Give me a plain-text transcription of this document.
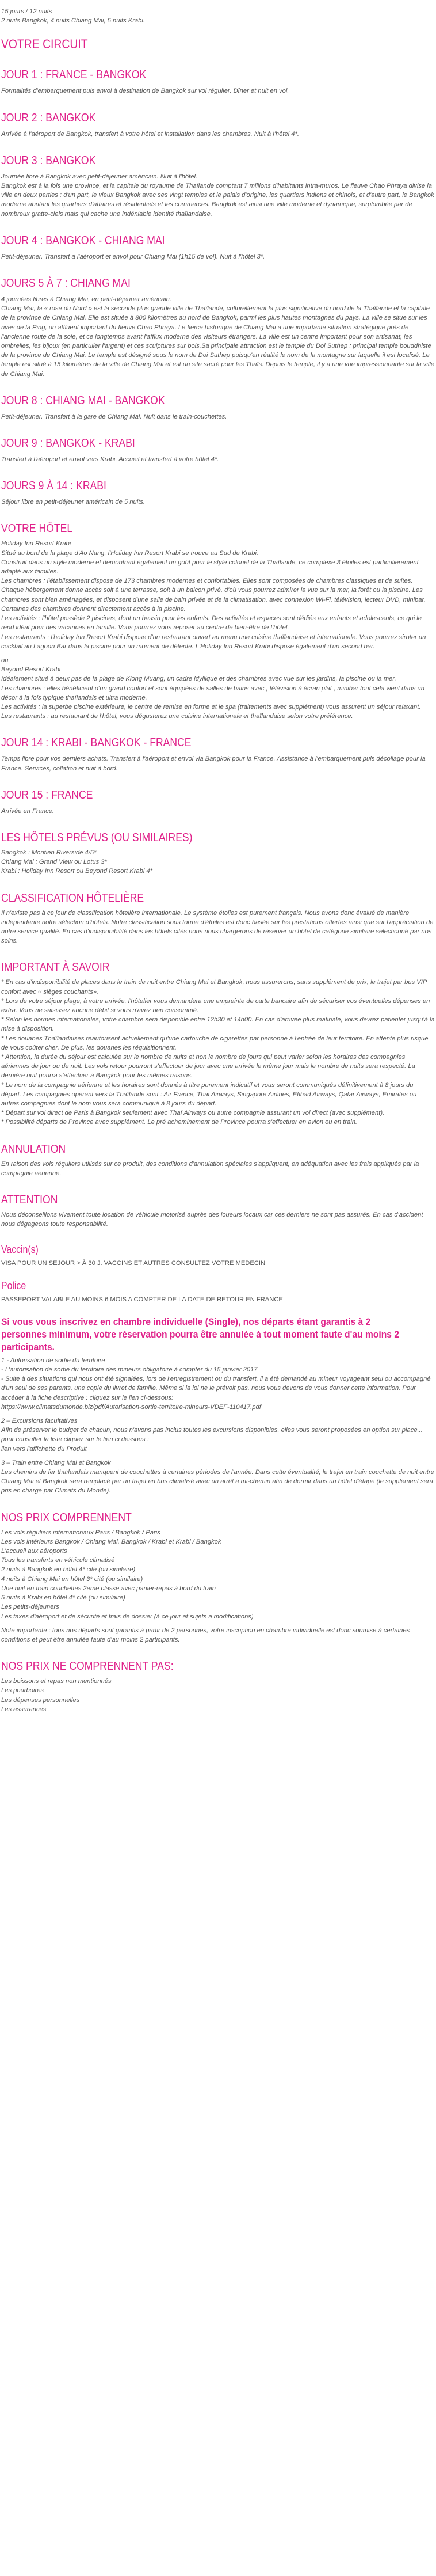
15 jours / 12 nuits

2 nuits Bangkok, 4 nuits Chiang Mai, 5 nuits Krabi.

VOTRE CIRCUIT
JOUR 1 : FRANCE - BANGKOK

Formalités d'embarquement puis envol à destination de Bangkok sur vol régulier. Dîner et nuit en vol.

JOUR 2 : BANGKOK

Arrivée à l'aéroport de Bangkok, transfert à votre hôtel et installation dans les chambres. Nuit à l'hôtel 4*.

JOUR 3 : BANGKOK

Journée libre à Bangkok avec petit-déjeuner américain. Nuit à l'hôtel.

Bangkok est à la fois une province, et la capitale du royaume de Thaïlande comptant 7 millions d'habitants intra-muros. Le fleuve Chao Phraya divise la ville en deux parties : d'un part, le vieux Bangkok avec ses vingt temples et le palais d'origine, les quartiers indiens et chinois, et d'autre part, le Bangkok moderne abritant les quartiers d'affaires et résidentiels et les commerces. Bangkok est ainsi une ville moderne et dynamique, surplombée par de nombreux gratte-ciels mais qui cache une indéniable identité thaïlandaise.

JOUR 4 : BANGKOK - CHIANG MAI

Petit-déjeuner. Transfert à l'aéroport et envol pour Chiang Mai (1h15 de vol). Nuit à l'hôtel 3*.

JOURS 5 À 7 : CHIANG MAI

4 journées libres à Chiang Mai, en petit-déjeuner américain.

Chiang Mai, la « rose du Nord » est la seconde plus grande ville de Thaïlande, culturellement la plus significative du nord de la Thaïlande et la capitale de la province de Chiang Mai. Elle est située à 800 kilomètres au nord de Bangkok, parmi les plus hautes montagnes du pays. La ville se situe sur les rives de la Ping, un affluent important du fleuve Chao Phraya. Le fierce historique de Chiang Mai a une importante situation stratégique près de l'ancienne route de la soie, et ce longtemps avant l'afflux moderne des visiteurs étrangers. La ville est un centre important pour son artisanat, les ombrelles, les bijoux (en particulier l'argent) et ces sculptures sur bois.Sa principale attraction est le temple du Doi Suthep : principal temple bouddhiste de la province de Chiang Mai. Le temple est désigné sous le nom de Doi Suthep puisqu'en réalité le nom de la montagne sur laquelle il est localisé. Le temple est situé à 15 kilomètres de la ville de Chiang Mai et est un site sacré pour les Thaïs. Depuis le temple, il y a une vue impressionnante sur la ville de Chiang Mai.

JOUR 8 : CHIANG MAI - BANGKOK

Petit-déjeuner. Transfert à la gare de Chiang Mai. Nuit dans le train-couchettes.

JOUR 9 : BANGKOK - KRABI

Transfert à l'aéroport et envol vers Krabi. Accueil et transfert à votre hôtel 4*.

JOURS 9 À 14 : KRABI

Séjour libre en petit-déjeuner américain de 5 nuits.

VOTRE HÔTEL

Holiday Inn Resort Krabi

Situé au bord de la plage d'Ao Nang, l'Holiday Inn Resort Krabi se trouve au Sud de Krabi.

Construit dans un style moderne et demontrant également un goût pour le style colonel de la Thaïlande, ce complexe 3 étoiles est particulièrement adapté aux familles.

Les chambres : l'établissement dispose de 173 chambres modernes et confortables. Elles sont composées de chambres classiques et de suites. Chaque hébergement donne accès soit à une terrasse, soit à un balcon privé, d'où vous pourrez admirer la vue sur la mer, la forêt ou la piscine. Les chambres sont bien aménagées, et disposent d'une salle de bain privée et de la climatisation, avec connexion Wi-Fi, télévision, lecteur DVD, minibar. Certaines des chambres donnent directement accès à la piscine.

Les activités : l'hôtel possède 2 piscines, dont un bassin pour les enfants. Des activités et espaces sont dédiés aux enfants et adolescents, ce qui le rend idéal pour des vacances en famille. Vous pourrez vous reposer au centre de bien-être de l'hôtel.

Les restaurants : l'holiday Inn Resort Krabi dispose d'un restaurant ouvert au menu une cuisine thaïlandaise et internationale. Vous pourrez siroter un cocktail au Lagoon Bar dans la piscine pour un moment de détente. L'Holiday Inn Resort Krabi dispose également d'un second bar.

ou

Beyond Resort Krabi

Idéalement situé à deux pas de la plage de Klong Muang, un cadre idyllique et des chambres avec vue sur les jardins, la piscine ou la mer.

Les chambres : elles bénéficient d'un grand confort et sont équipées de salles de bains avec , télévision à écran plat , minibar tout cela vient dans un décor à la fois typique thaïlandais et ultra moderne.

Les activités : la superbe piscine extérieure, le centre de remise en forme et le spa (traitements avec supplément) vous assurent un séjour relaxant.

Les restaurants : au restaurant de l'hôtel, vous dégusterez une cuisine internationale et thaïlandaise selon votre préférence.

JOUR 14 : KRABI - BANGKOK - FRANCE

Temps libre pour vos derniers achats. Transfert à l'aéroport et envol via Bangkok pour la France. Assistance à l'embarquement puis décollage pour la France. Services, collation et nuit à bord.

JOUR 15 : FRANCE

Arrivée en France.

LES HÔTELS PRÉVUS (OU SIMILAIRES)

Bangkok : Montien Riverside 4/5*

Chiang Mai : Grand View ou Lotus 3*

Krabi : Holiday Inn Resort ou Beyond Resort Krabi 4*

CLASSIFICATION HÔTELIÈRE

Il n'existe pas à ce jour de classification hôtelière internationale. Le système étoiles est purement français. Nous avons donc évalué de manière indépendante notre sélection d'hôtels. Notre classification sous forme d'étoiles est donc basée sur les prestations offertes ainsi que sur l'appréciation de notre service qualité. En cas d'indisponibilité dans les hôtels cités nous nous chargerons de réserver un hôtel de catégorie similaire sélectionné par nos soins.

IMPORTANT À SAVOIR

* En cas d'indisponibilité de places dans le train de nuit entre Chiang Mai et Bangkok, nous assurerons, sans supplément de prix, le trajet par bus VIP confort avec « sièges couchants».

* Lors de votre séjour plage, à votre arrivée, l'hôtelier vous demandera une empreinte de carte bancaire afin de sécuriser vos éventuelles dépenses en extra. Vous ne saisissez aucune débit si vous n'avez rien consommé.

* Selon les normes internationales, votre chambre sera disponible entre 12h30 et 14h00. En cas d'arrivée plus matinale, vous devrez patienter jusqu'à la mise à disposition.

* Les douanes Thaïlandaises réautorisent actuellement qu'une cartouche de cigarettes par personne à l'entrée de leur territoire. En attente plus risque de vous coûter cher. De plus, les douanes les réquisitionnent.

* Attention, la durée du séjour est calculée sur le nombre de nuits et non le nombre de jours qui peut varier selon les horaires des compagnies aériennes de jour ou de nuit. Les vols retour pourront s'effectuer de jour avec une arrivée le même jour mais le nombre de nuits sera respecté. La dernière nuit pourra s'effectuer à Bangkok pour les mêmes raisons.

* Le nom de la compagnie aérienne et les horaires sont donnés à titre purement indicatif et vous seront communiqués définitivement à 8 jours du départ. Les compagnies opérant vers la Thaïlande sont : Air France, Thai Airways, Singapore Airlines, Etihad Airways, Qatar Airways, Emirates ou autres compagnies dont le nom vous sera communiqué à 8 jours du départ.

* Départ sur vol direct de Paris à Bangkok seulement avec Thaï Airways ou autre compagnie assurant un vol direct (avec supplément).

* Possibilité départs de Province avec supplément. Le pré acheminement de Province pourra s'effectuer en avion ou en train.

ANNULATION

En raison des vols réguliers utilisés sur ce produit, des conditions d'annulation spéciales s'appliquent, en adéquation avec les frais appliqués par la compagnie aérienne.

ATTENTION

Nous déconseillons vivement toute location de véhicule motorisé auprès des loueurs locaux car ces derniers ne sont pas assurés. En cas d'accident nous dégageons toute responsabilité.

Vaccin(s)

VISA POUR UN SEJOUR > À 30 J. VACCINS ET AUTRES CONSULTEZ VOTRE MEDECIN

Police

PASSEPORT VALABLE AU MOINS 6 MOIS A COMPTER DE LA DATE DE RETOUR EN FRANCE

Si vous vous inscrivez en chambre individuelle (Single), nos départs étant garantis à 2 personnes minimum, votre réservation pourra être annulée à tout moment faute d'au moins 2 participants.

1 - Autorisation de sortie du territoire

- L'autorisation de sortie du territoire des mineurs obligatoire à compter du 15 janvier 2017

- Suite à des situations qui nous ont été signalées, lors de l'enregistrement ou du transfert, il a été demandé au mineur voyageant seul ou accompagné d'un seul de ses parents, une copie du livret de famille. Même si la loi ne le prévoit pas, nous vous devons de vous donner cette information. Pour accéder à la fiche descriptive : cliquez sur le lien ci-dessous:

https://www.climatsdumonde.biz/pdf/Autorisation-sortie-territoire-mineurs-VDEF-110417.pdf

2 – Excursions facultatives

Afin de préserver le budget de chacun, nous n'avons pas inclus toutes les excursions disponibles, elles vous seront proposées en option sur place... pour consulter la liste cliquez sur le lien ci dessous :

lien vers l'affichette du Produit

3 – Train entre Chiang Mai et Bangkok

Les chemins de fer thaïlandais manquent de couchettes à certaines périodes de l'année. Dans cette éventualité, le trajet en train couchette de nuit entre Chiang Mai et Bangkok sera remplacé par un trajet en bus climatisé avec un arrêt à mi-chemin afin de dormir dans un hôtel d'étape (le supplément sera pris en charge par Climats du Monde).

NOS PRIX COMPRENNENT

Les vols réguliers internationaux Paris / Bangkok / Paris

Les vols intérieurs Bangkok / Chiang Mai, Bangkok / Krabi et Krabi / Bangkok

L'accueil aux aéroports

Tous les transferts en véhicule climatisé

2 nuits à Bangkok en hôtel 4* cité (ou similaire)

4 nuits à Chiang Mai en hôtel 3* cité (ou similaire)

Une nuit en train couchettes 2ème classe avec panier-repas à bord du train

5 nuits à Krabi en hôtel 4* cité (ou similaire)

Les petits-déjeuners

Les taxes d'aéroport et de sécurité et frais de dossier (à ce jour et sujets à modifications)

Note importante : tous nos départs sont garantis à partir de 2 personnes, votre inscription en chambre individuelle est donc soumise à certaines conditions et peut être annulée faute d'au moins 2 participants.

NOS PRIX NE COMPRENNENT PAS:

Les boissons et repas non mentionnés

Les pourboires

Les dépenses personnelles

Les assurances
